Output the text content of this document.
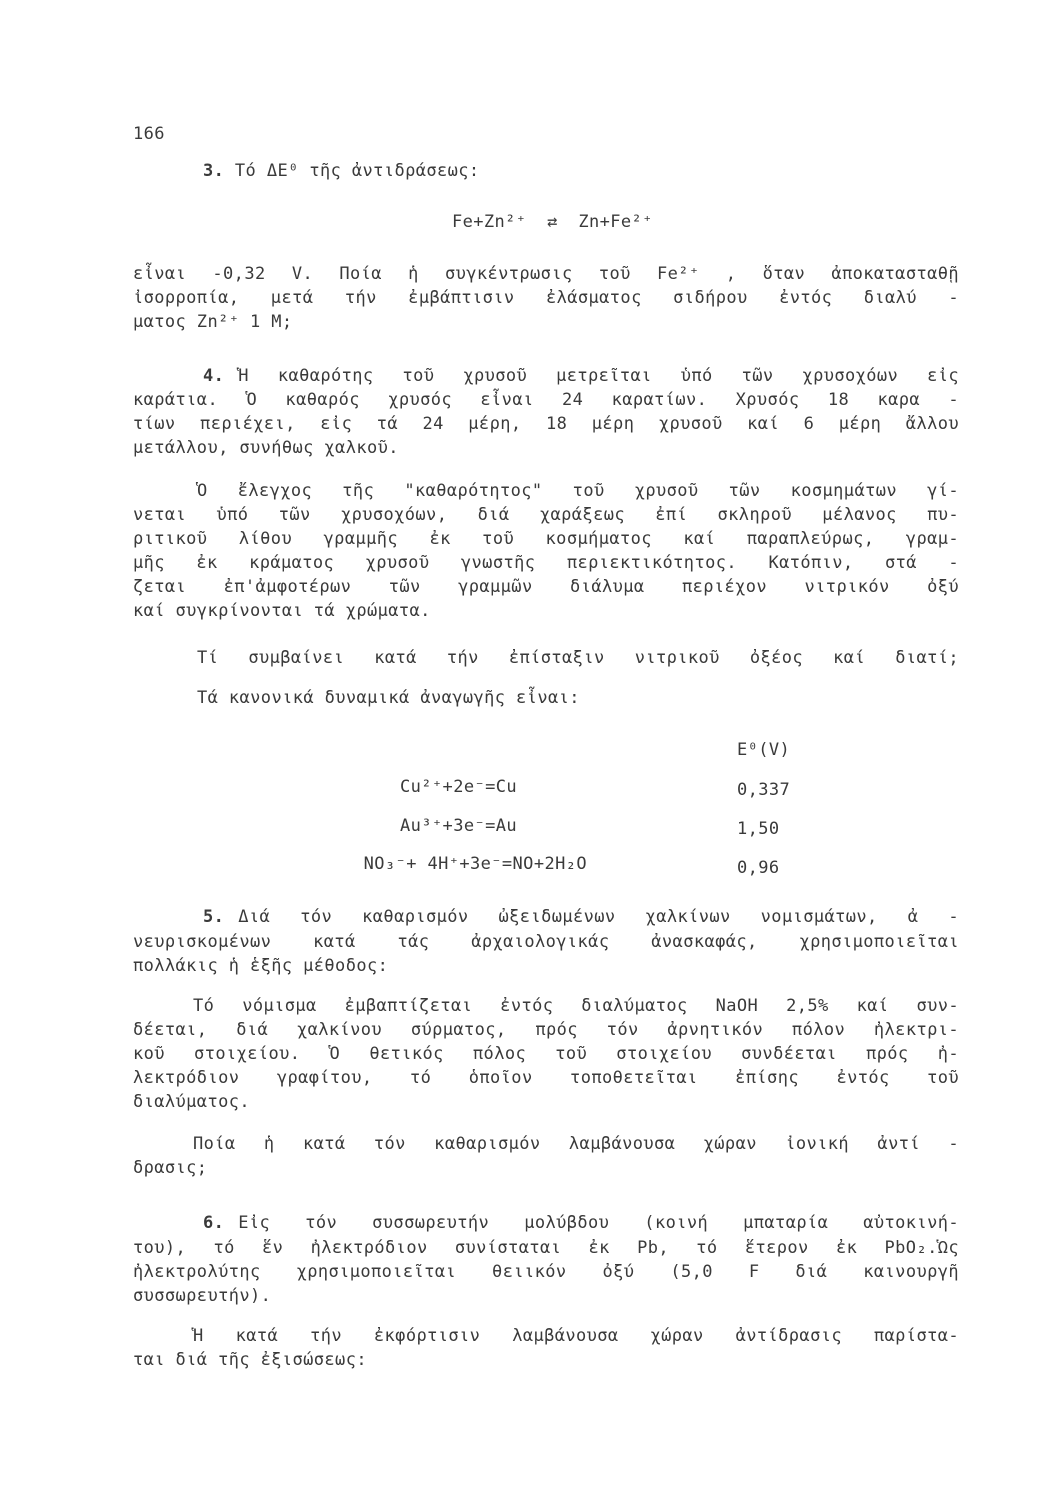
166
3. Τό ΔΕ⁰ τῆς ἀντιδράσεως:
Fe+Zn²⁺ ⇄ Zn+Fe²⁺
εἶναι -0,32 V. Ποία ἡ συγκέντρωσις τοῦ Fe²⁺ , ὅταν ἀποκατασταθῇ
ἰσορροπία, μετά τήν ἐμβάπτισιν ἐλάσματος σιδήρου ἐντός διαλύ -
ματος Zn²⁺ 1 M;
4. Ἡ καθαρότης τοῦ χρυσοῦ μετρεῖται ὑπό τῶν χρυσοχόων εἰς
καράτια. Ὁ καθαρός χρυσός εἶναι 24 καρατίων. Χρυσός 18 καρα -
τίων περιέχει, εἰς τά 24 μέρη, 18 μέρη χρυσοῦ καί 6 μέρη ἄλλου
μετάλλου, συνήθως χαλκοῦ.
Ὁ ἔλεγχος τῆς "καθαρότητος" τοῦ χρυσοῦ τῶν κοσμημάτων γί-
νεται ὑπό τῶν χρυσοχόων, διά χαράξεως ἐπί σκληροῦ μέλανος πυ-
ριτικοῦ λίθου γραμμῆς ἐκ τοῦ κοσμήματος καί παραπλεύρως, γραμ-
μῆς ἐκ κράματος χρυσοῦ γνωστῆς περιεκτικότητος. Κατόπιν, στά -
ζεται ἐπ'ἀμφοτέρων τῶν γραμμῶν διάλυμα περιέχον νιτρικόν ὀξύ
καί συγκρίνονται τά χρώματα.
Τί συμβαίνει κατά τήν ἐπίσταξιν νιτρικοῦ ὀξέος καί διατί;
Τά κανονικά δυναμικά ἀναγωγῆς εἶναι:
E⁰(V)
Cu²⁺+2e⁻=Cu	0,337
Au³⁺+3e⁻=Au	1,50
NO₃⁻+ 4H⁺+3e⁻=NO+2H₂O	0,96
5. Διά τόν καθαρισμόν ὠξειδωμένων χαλκίνων νομισμάτων, ἀ -
νευρισκομένων κατά τάς ἀρχαιολογικάς ἀνασκαφάς, χρησιμοποιεῖται
πολλάκις ἡ ἑξῆς μέθοδος:
Τό νόμισμα ἐμβαπτίζεται ἐντός διαλύματος NaOH 2,5% καί συν-
δέεται, διά χαλκίνου σύρματος, πρός τόν ἀρνητικόν πόλον ἠλεκτρι-
κοῦ στοιχείου. Ὁ θετικός πόλος τοῦ στοιχείου συνδέεται πρός ἠ-
λεκτρόδιον γραφίτου, τό ὁποῖον τοποθετεῖται ἐπίσης ἐντός τοῦ
διαλύματος.
Ποία ἡ κατά τόν καθαρισμόν λαμβάνουσα χώραν ἰονική ἀντί -
δρασις;
6. Εἰς τόν συσσωρευτήν μολύβδου (κοινή μπαταρία αὐτοκινή-
του), τό ἕν ἠλεκτρόδιον συνίσταται ἐκ Pb, τό ἕτερον ἐκ PbO₂.Ὡς
ἠλεκτρολύτης χρησιμοποιεῖται θειικόν ὀξύ (5,0 F διά καινουργῆ
συσσωρευτήν).
Ἡ κατά τήν ἐκφόρτισιν λαμβάνουσα χώραν ἀντίδρασις παρίστα-
ται διά τῆς ἐξισώσεως:
